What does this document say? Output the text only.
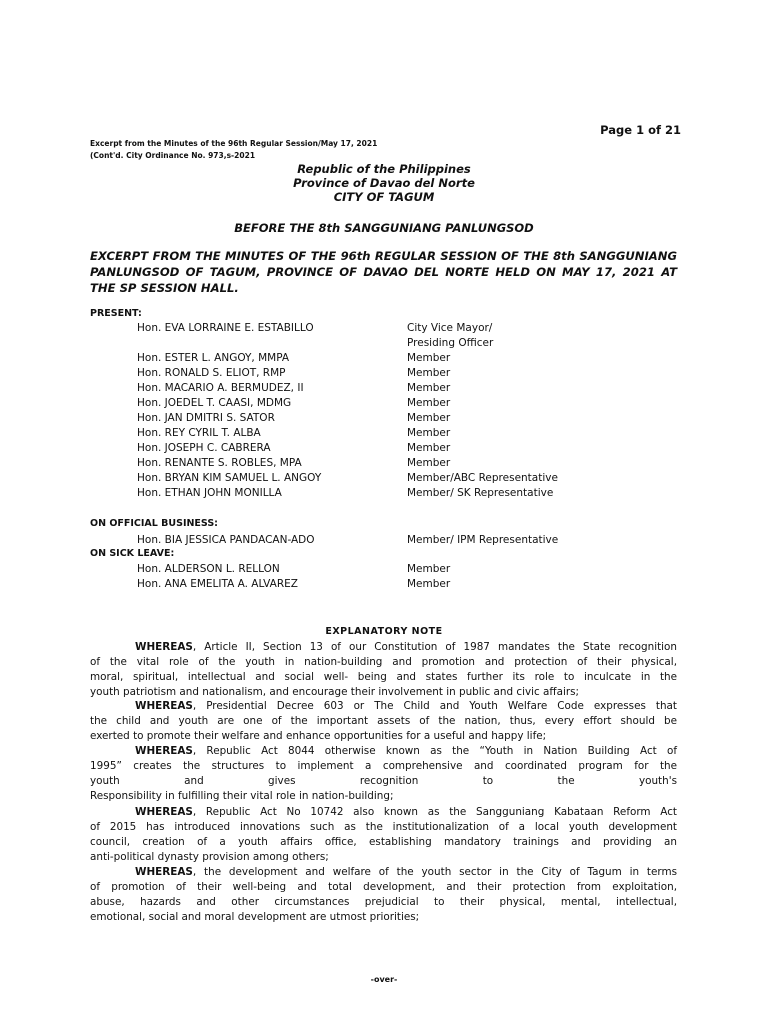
Page 1 of 21
Excerpt from the Minutes of the 96th Regular Session/May 17, 2021
(Cont'd. City Ordinance No. 973,s-2021
Republic of the Philippines
Province of Davao del Norte
CITY OF TAGUM
BEFORE THE 8th SANGGUNIANG PANLUNGSOD
EXCERPT FROM THE MINUTES OF THE 96th REGULAR SESSION OF THE 8th SANGGUNIANG
PANLUNGSOD OF TAGUM, PROVINCE OF DAVAO DEL NORTE HELD ON MAY 17, 2021 AT
THE SP SESSION HALL.
PRESENT:
Hon. EVA LORRAINE E. ESTABILLO	City Vice Mayor/
Presiding Officer
Hon. ESTER L. ANGOY, MMPA	Member
Hon. RONALD S. ELIOT, RMP	Member
Hon. MACARIO A. BERMUDEZ, II	Member
Hon. JOEDEL T. CAASI, MDMG	Member
Hon. JAN DMITRI S. SATOR	Member
Hon. REY CYRIL T. ALBA	Member
Hon. JOSEPH C. CABRERA	Member
Hon. RENANTE S. ROBLES, MPA	Member
Hon. BRYAN KIM SAMUEL L. ANGOY	Member/ABC Representative
Hon. ETHAN JOHN MONILLA	Member/ SK Representative
ON OFFICIAL BUSINESS:
Hon. BIA JESSICA PANDACAN-ADO	Member/ IPM Representative
ON SICK LEAVE:
Hon. ALDERSON L. RELLON	Member
Hon. ANA EMELITA A. ALVAREZ	Member
EXPLANATORY NOTE
WHEREAS, Article II, Section 13 of our Constitution of 1987 mandates the State recognition
of the vital role of the youth in nation-building and promotion and protection of their physical,
moral, spiritual, intellectual and social well- being and states further its role to inculcate in the
youth patriotism and nationalism, and encourage their involvement in public and civic affairs;
WHEREAS, Presidential Decree 603 or The Child and Youth Welfare Code expresses that
the child and youth are one of the important assets of the nation, thus, every effort should be
exerted to promote their welfare and enhance opportunities for a useful and happy life;
WHEREAS, Republic Act 8044 otherwise known as the “Youth in Nation Building Act of
1995” creates the structures to implement a comprehensive and coordinated program for the
youth and gives recognition to the youth's
Responsibility in fulfilling their vital role in nation-building;
WHEREAS, Republic Act No 10742 also known as the Sangguniang Kabataan Reform Act
of 2015 has introduced innovations such as the institutionalization of a local youth development
council, creation of a youth affairs office, establishing mandatory trainings and providing an
anti-political dynasty provision among others;
WHEREAS, the development and welfare of the youth sector in the City of Tagum in terms
of promotion of their well-being and total development, and their protection from exploitation,
abuse, hazards and other circumstances prejudicial to their physical, mental, intellectual,
emotional, social and moral development are utmost priorities;
-over-
